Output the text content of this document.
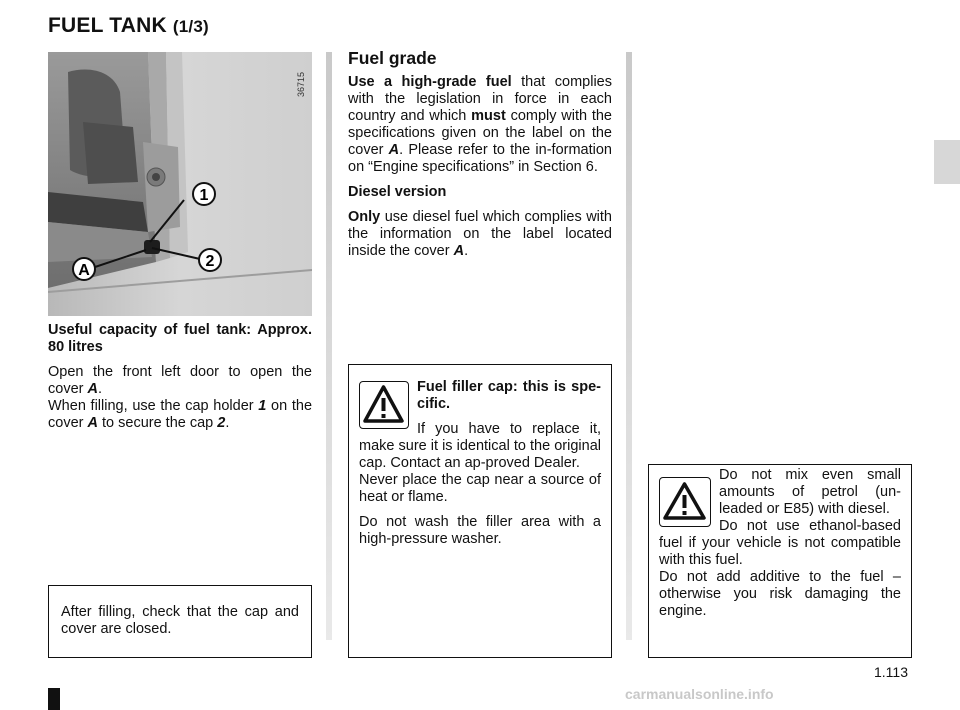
FUEL TANK (1/3)
1
2
A
36715

Useful capacity of fuel tank: Approx. 80 litres

Open the front left door to open the cover A.

When filling, use the cap holder 1 on the cover A to secure the cap 2.

Fuel grade

Use a high-grade fuel that complies with the legislation in force in each country and which must comply with the specifications given on the label on the cover A. Please refer to the in-formation on “Engine specifications” in Section 6.

Diesel version

Only use diesel fuel which complies with the information on the label located inside the cover A.

Fuel filler cap: this is spe-cific.

If you have to replace it, make sure it is identical to the original cap. Contact an ap-proved Dealer.

Never place the cap near a source of heat or flame.

Do not wash the filler area with a high-pressure washer.

Do not mix even small amounts of petrol (un-leaded or E85) with diesel.

Do not use ethanol-based fuel if your vehicle is not compatible with this fuel.

Do not add additive to the fuel – otherwise you risk damaging the engine.

After filling, check that the cap and cover are closed.

1.113
carmanualsonline.info
